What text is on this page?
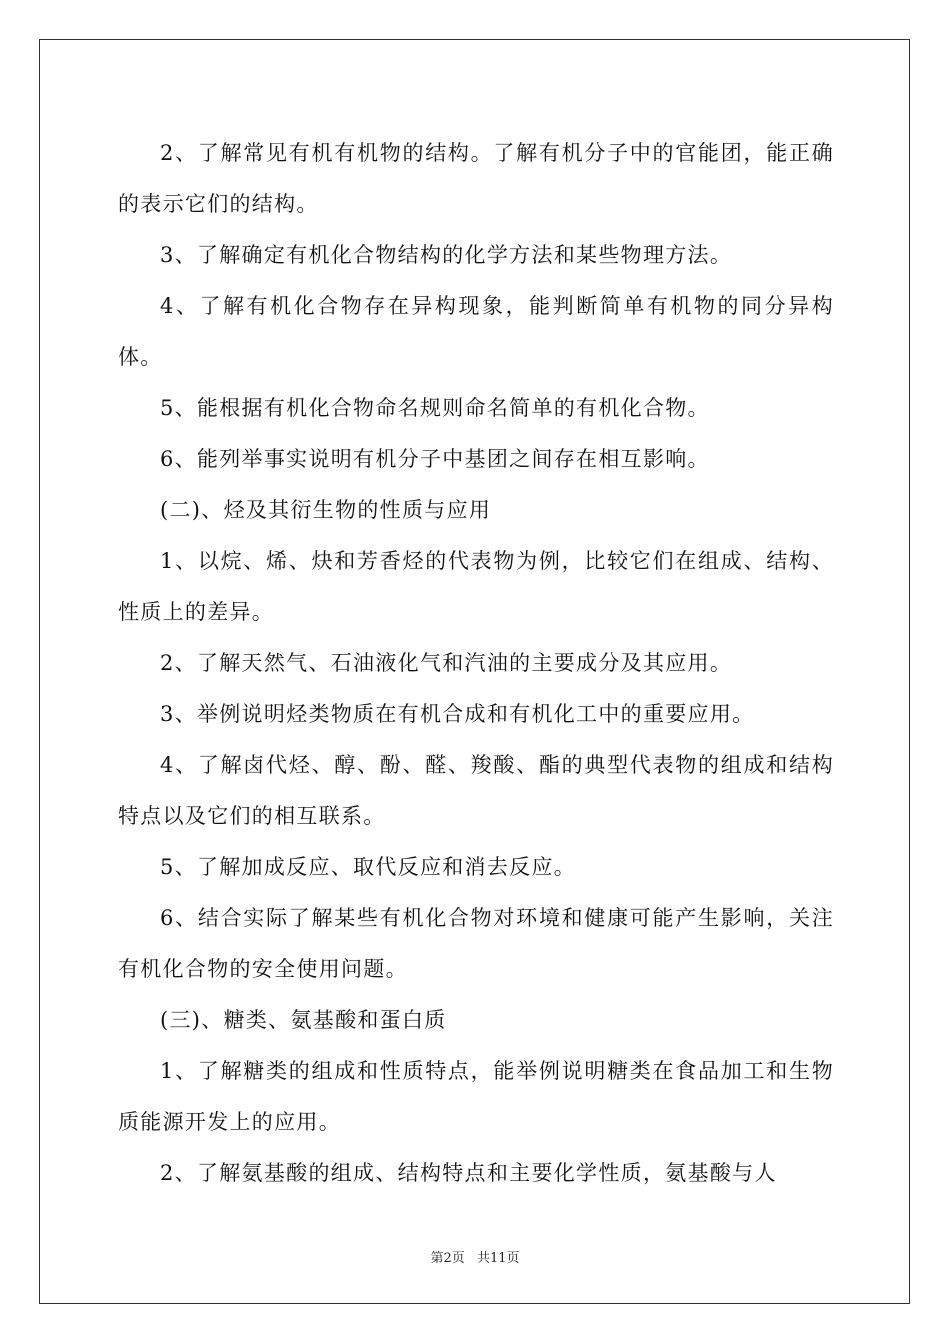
2、了解常见有机有机物的结构。了解有机分子中的官能团，能正确的表示它们的结构。

3、了解确定有机化合物结构的化学方法和某些物理方法。

4、了解有机化合物存在异构现象，能判断简单有机物的同分异构体。

5、能根据有机化合物命名规则命名简单的有机化合物。

6、能列举事实说明有机分子中基团之间存在相互影响。

(二)、烃及其衍生物的性质与应用

1、以烷、烯、炔和芳香烃的代表物为例，比较它们在组成、结构、性质上的差异。

2、了解天然气、石油液化气和汽油的主要成分及其应用。

3、举例说明烃类物质在有机合成和有机化工中的重要应用。

4、了解卤代烃、醇、酚、醛、羧酸、酯的典型代表物的组成和结构特点以及它们的相互联系。

5、了解加成反应、取代反应和消去反应。

6、结合实际了解某些有机化合物对环境和健康可能产生影响，关注有机化合物的安全使用问题。

(三)、糖类、氨基酸和蛋白质

1、了解糖类的组成和性质特点，能举例说明糖类在食品加工和生物质能源开发上的应用。

2、了解氨基酸的组成、结构特点和主要化学性质，氨基酸与人

第2页 共11页
